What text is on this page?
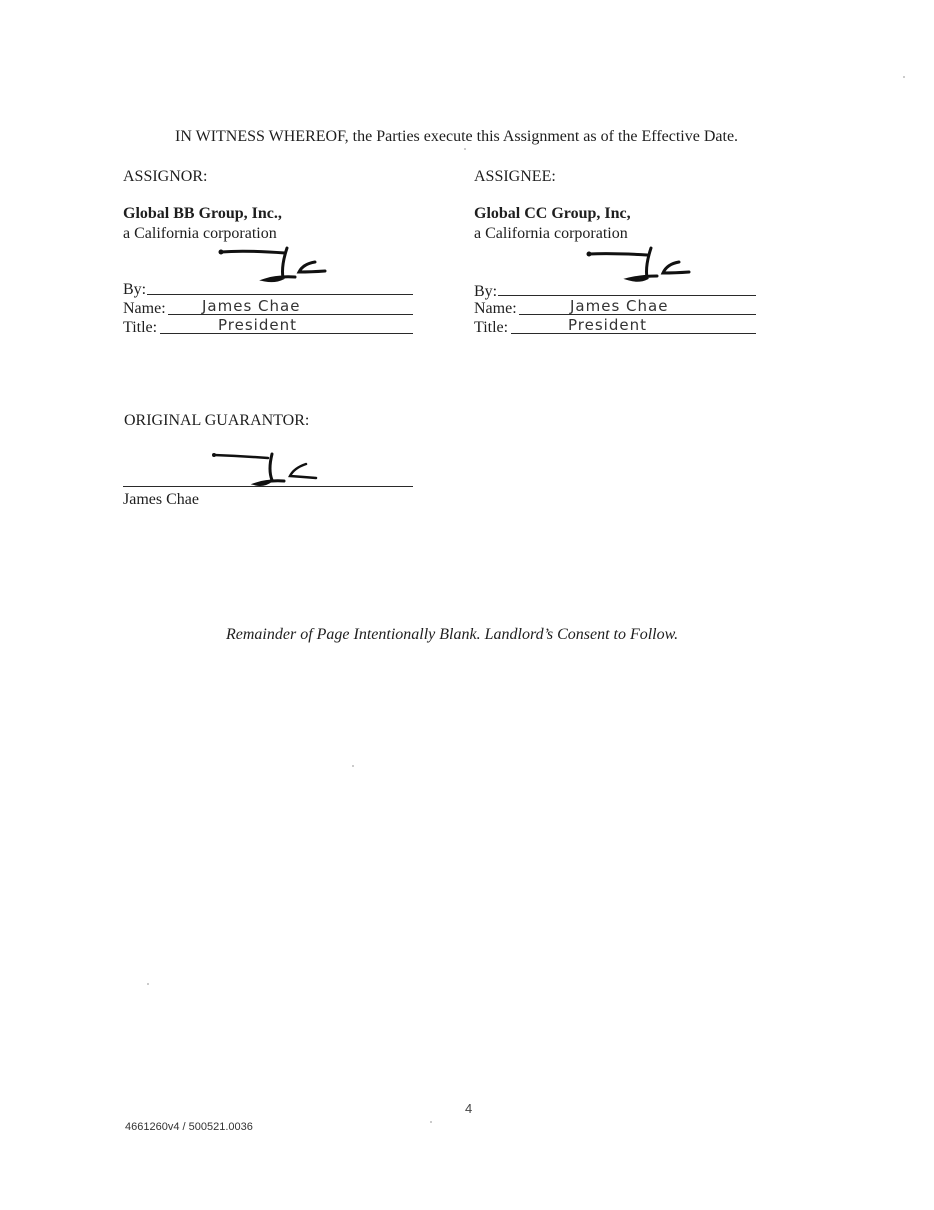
IN WITNESS WHEREOF, the Parties execute this Assignment as of the Effective Date.
ASSIGNOR:
Global BB Group, Inc.,
a California corporation
By:
Name: James Chae
Title:	President
ASSIGNEE:
Global CC Group, Inc,
a California corporation
By:
Name:	James Chae
Title:	President
ORIGINAL GUARANTOR:
James Chae
Remainder of Page Intentionally Blank. Landlord’s Consent to Follow.
4
4661260v4 / 500521.0036
